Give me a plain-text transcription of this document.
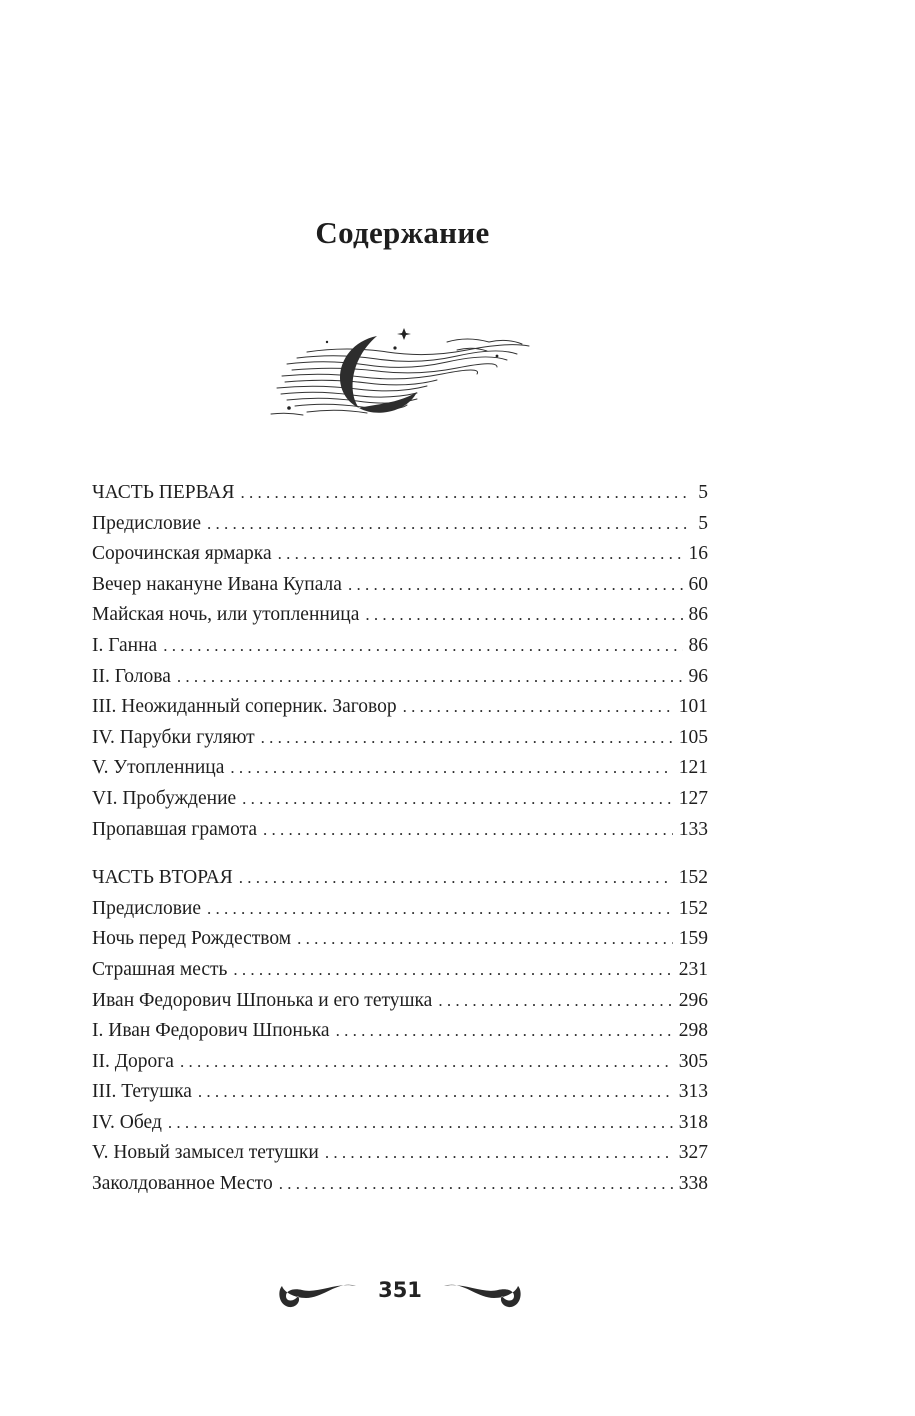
Содержание
ЧАСТЬ ПЕРВАЯ . . .	5
Предисловие . . .	5
Сорочинская ярмарка . . .	16
Вечер накануне Ивана Купала . . .	60
Майская ночь, или утопленница . . .	86
I. Ганна . . .	86
II. Голова . . .	96
III. Неожиданный соперник. Заговор . . .	101
IV. Парубки гуляют . . .	105
V. Утопленница . . .	121
VI. Пробуждение . . .	127
Пропавшая грамота . . .	133
ЧАСТЬ ВТОРАЯ . . .	152
Предисловие . . .	152
Ночь перед Рождеством . . .	159
Страшная месть . . .	231
Иван Федорович Шпонька и его тетушка . . .	296
I. Иван Федорович Шпонька . . .	298
II. Дорога . . .	305
III. Тетушка . . .	313
IV. Обед . . .	318
V. Новый замысел тетушки . . .	327
Заколдованное Место . . .	338
351
